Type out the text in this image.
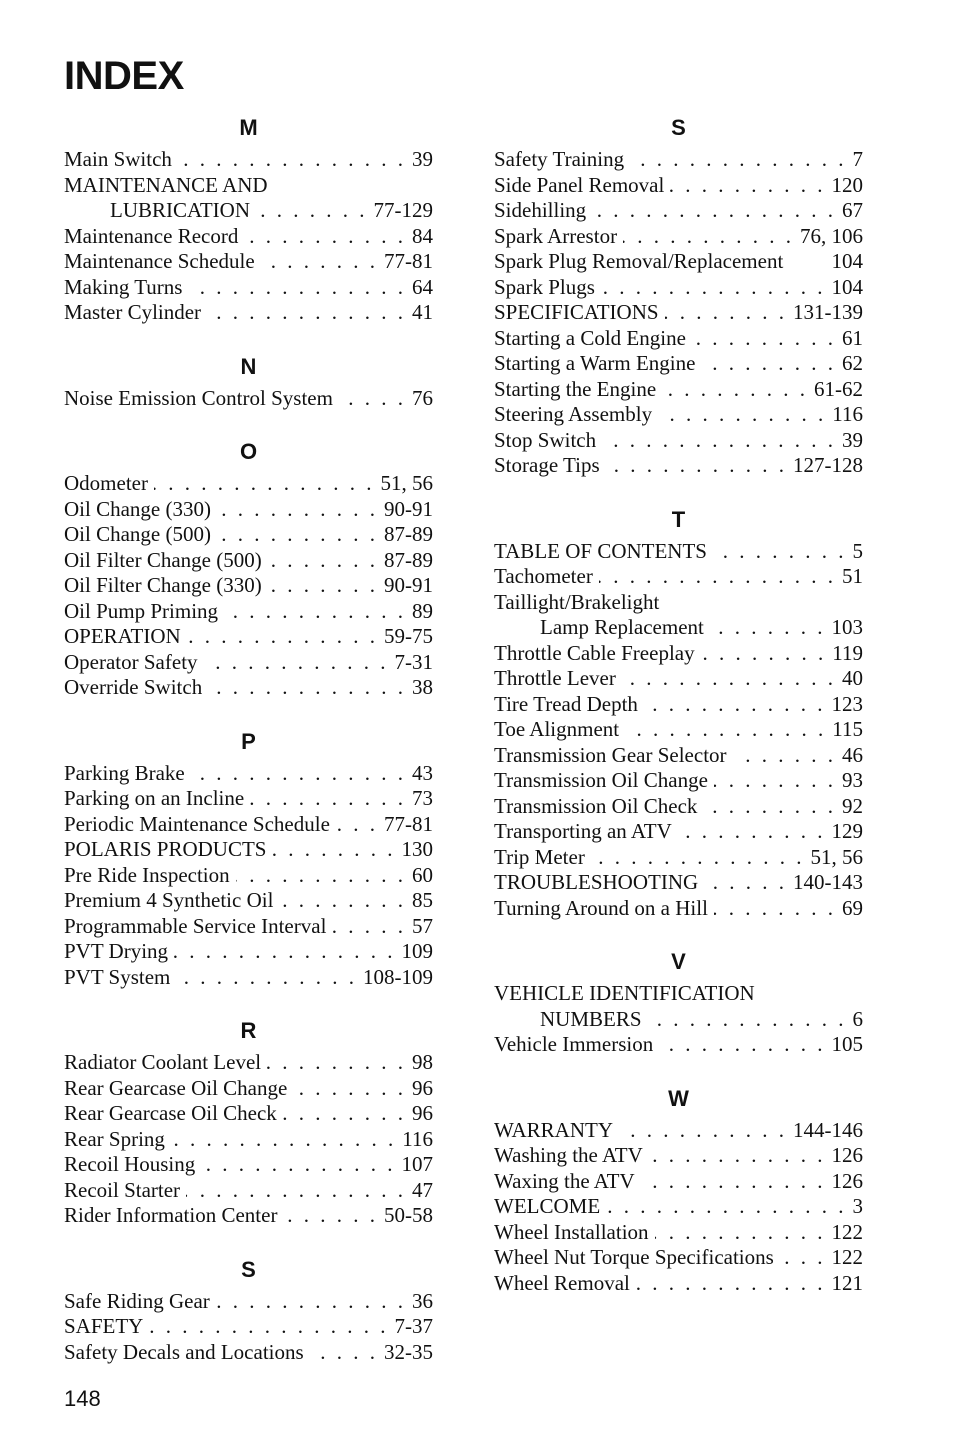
INDEX
M
Main Switch . . .	39
MAINTENANCE AND
LUBRICATION . . .	77-129
Maintenance Record . . .	84
Maintenance Schedule . . .	77-81
Making Turns . . .	64
Master Cylinder . . .	41
N
Noise Emission Control System . . .	76
O
Odometer . . .	51, 56
Oil Change (330) . . .	90-91
Oil Change (500) . . .	87-89
Oil Filter Change (500) . . .	87-89
Oil Filter Change (330) . . .	90-91
Oil Pump Priming . . .	89
OPERATION . . .	59-75
Operator Safety . . .	7-31
Override Switch . . .	38
P
Parking Brake . . .	43
Parking on an Incline . . .	73
Periodic Maintenance Schedule . . .	77-81
POLARIS PRODUCTS . . .	130
Pre Ride Inspection . . .	60
Premium 4 Synthetic Oil . . .	85
Programmable Service Interval . . .	57
PVT Drying . . .	109
PVT System . . .	108-109
R
Radiator Coolant Level . . .	98
Rear Gearcase Oil Change . . .	96
Rear Gearcase Oil Check . . .	96
Rear Spring . . .	116
Recoil Housing . . .	107
Recoil Starter . . .	47
Rider Information Center . . .	50-58
S
Safe Riding Gear . . .	36
SAFETY . . .	7-37
Safety Decals and Locations . . .	32-35
S
Safety Training . . .	7
Side Panel Removal . . .	120
Sidehilling . . .	67
Spark Arrestor . . .	76, 106
Spark Plug Removal/Replacement 104
Spark Plugs . . .	104
SPECIFICATIONS . . .	131-139
Starting a Cold Engine . . .	61
Starting a Warm Engine . . .	62
Starting the Engine . . .	61-62
Steering Assembly . . .	116
Stop Switch . . .	39
Storage Tips . . .	127-128
T
TABLE OF CONTENTS . . .	5
Tachometer . . .	51
Taillight/Brakelight
Lamp Replacement . . .	103
Throttle Cable Freeplay . . .	119
Throttle Lever . . .	40
Tire Tread Depth . . .	123
Toe Alignment . . .	115
Transmission Gear Selector . . .	46
Transmission Oil Change . . .	93
Transmission Oil Check . . .	92
Transporting an ATV . . .	129
Trip Meter . . .	51, 56
TROUBLESHOOTING . . .	140-143
Turning Around on a Hill . . .	69
V
VEHICLE IDENTIFICATION
NUMBERS . . .	6
Vehicle Immersion . . .	105
W
WARRANTY . . .	144-146
Washing the ATV . . .	126
Waxing the ATV . . .	126
WELCOME . . .	3
Wheel Installation . . .	122
Wheel Nut Torque Specifications . . .	122
Wheel Removal . . .	121
148
